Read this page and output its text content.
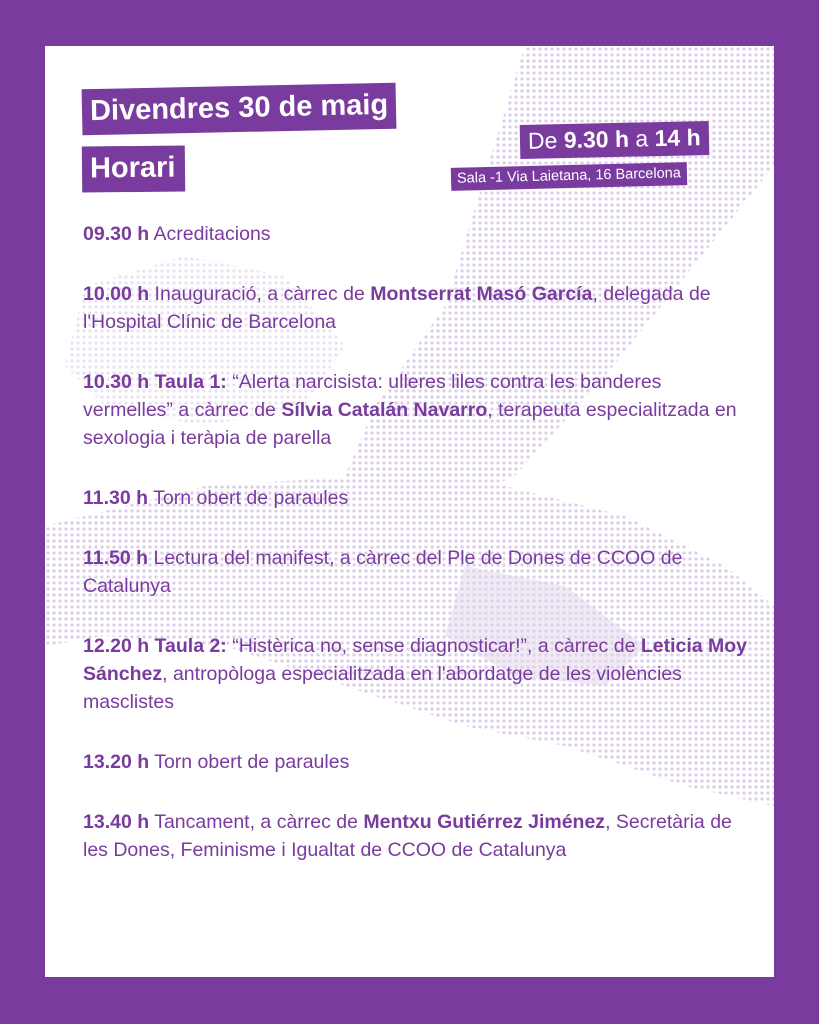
Divendres 30 de maig
Horari
De 9.30 h a 14 h
Sala -1 Via Laietana, 16 Barcelona
09.30 h Acreditacions
10.00 h Inauguració, a càrrec de Montserrat Masó García, delegada de l'Hospital Clínic de Barcelona
10.30 h Taula 1: “Alerta narcisista: ulleres liles contra les banderes vermelles” a càrrec de Sílvia Catalán Navarro, terapeuta especialitzada en sexologia i teràpia de parella
11.30 h Torn obert de paraules
11.50 h Lectura del manifest, a càrrec del Ple de Dones de CCOO de Catalunya
12.20 h Taula 2: “Histèrica no, sense diagnosticar!”, a càrrec de Leticia Moy Sánchez, antropòloga especialitzada en l'abordatge de les violències masclistes
13.20 h Torn obert de paraules
13.40 h Tancament, a càrrec de Mentxu Gutiérrez Jiménez, Secretària de les Dones, Feminisme i Igualtat de CCOO de Catalunya
